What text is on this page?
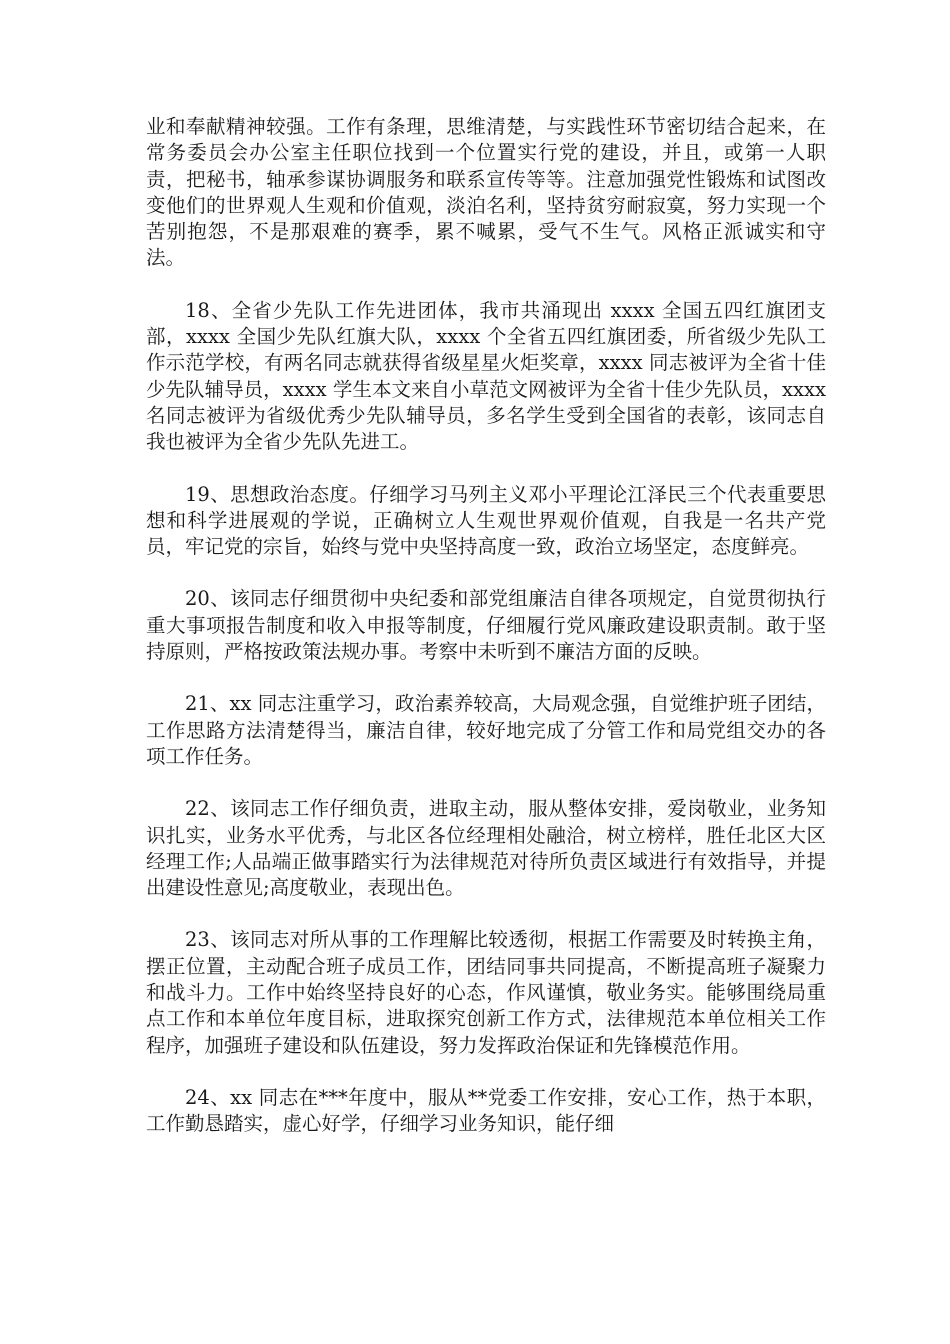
业和奉献精神较强。工作有条理，思维清楚，与实践性环节密切结合起来，在常务委员会办公室主任职位找到一个位置实行党的建设，并且，或第一人职责，把秘书，轴承参谋协调服务和联系宣传等等。注意加强党性锻炼和试图改变他们的世界观人生观和价值观，淡泊名利，坚持贫穷耐寂寞，努力实现一个苦别抱怨，不是那艰难的赛季，累不喊累，受气不生气。风格正派诚实和守法。

18、全省少先队工作先进团体，我市共涌现出 xxxx 全国五四红旗团支部，xxxx 全国少先队红旗大队，xxxx 个全省五四红旗团委，所省级少先队工作示范学校，有两名同志就获得省级星星火炬奖章，xxxx 同志被评为全省十佳少先队辅导员，xxxx 学生本文来自小草范文网被评为全省十佳少先队员，xxxx 名同志被评为省级优秀少先队辅导员，多名学生受到全国省的表彰，该同志自我也被评为全省少先队先进工。

19、思想政治态度。仔细学习马列主义邓小平理论江泽民三个代表重要思想和科学进展观的学说，正确树立人生观世界观价值观，自我是一名共产党员，牢记党的宗旨，始终与党中央坚持高度一致，政治立场坚定，态度鲜亮。

20、该同志仔细贯彻中央纪委和部党组廉洁自律各项规定，自觉贯彻执行重大事项报告制度和收入申报等制度，仔细履行党风廉政建设职责制。敢于坚持原则，严格按政策法规办事。考察中未听到不廉洁方面的反映。

21、xx 同志注重学习，政治素养较高，大局观念强，自觉维护班子团结，工作思路方法清楚得当，廉洁自律，较好地完成了分管工作和局党组交办的各项工作任务。

22、该同志工作仔细负责，进取主动，服从整体安排，爱岗敬业，业务知识扎实，业务水平优秀，与北区各位经理相处融洽，树立榜样，胜任北区大区经理工作;人品端正做事踏实行为法律规范对待所负责区域进行有效指导，并提出建设性意见;高度敬业，表现出色。

23、该同志对所从事的工作理解比较透彻，根据工作需要及时转换主角，摆正位置，主动配合班子成员工作，团结同事共同提高，不断提高班子凝聚力和战斗力。工作中始终坚持良好的心态，作风谨慎，敬业务实。能够围绕局重点工作和本单位年度目标，进取探究创新工作方式，法律规范本单位相关工作程序，加强班子建设和队伍建设，努力发挥政治保证和先锋模范作用。

24、xx 同志在***年度中，服从**党委工作安排，安心工作，热于本职，工作勤恳踏实，虚心好学，仔细学习业务知识，能仔细
